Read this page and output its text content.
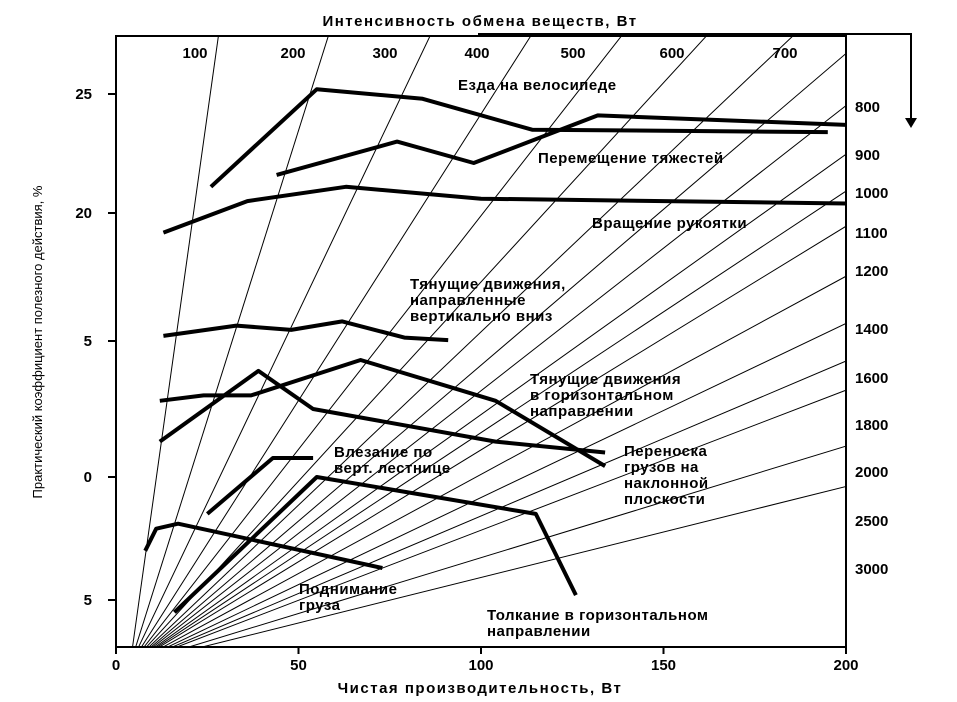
0	50	100	150	200
25
20
5
0
5
100	200	300	400	500	600	700
800
900
1000
1100
1200
1400
1600
1800
2000
2500
3000
Езда на велосипеде
Перемещение тяжестей
Вращение рукоятки
Тянущие движения,
направленные
вертикально вниз
Тянущие движения
в горизонтальном
направлении
Переноска
грузов на
наклонной
плоскости
Влезание по
верт. лестнице
Поднимание
груза
Толкание в горизонтальном
направлении
Интенсивность обмена веществ, Вт
Чистая производительность, Вт
Практический коэффициент полезного действия, %
